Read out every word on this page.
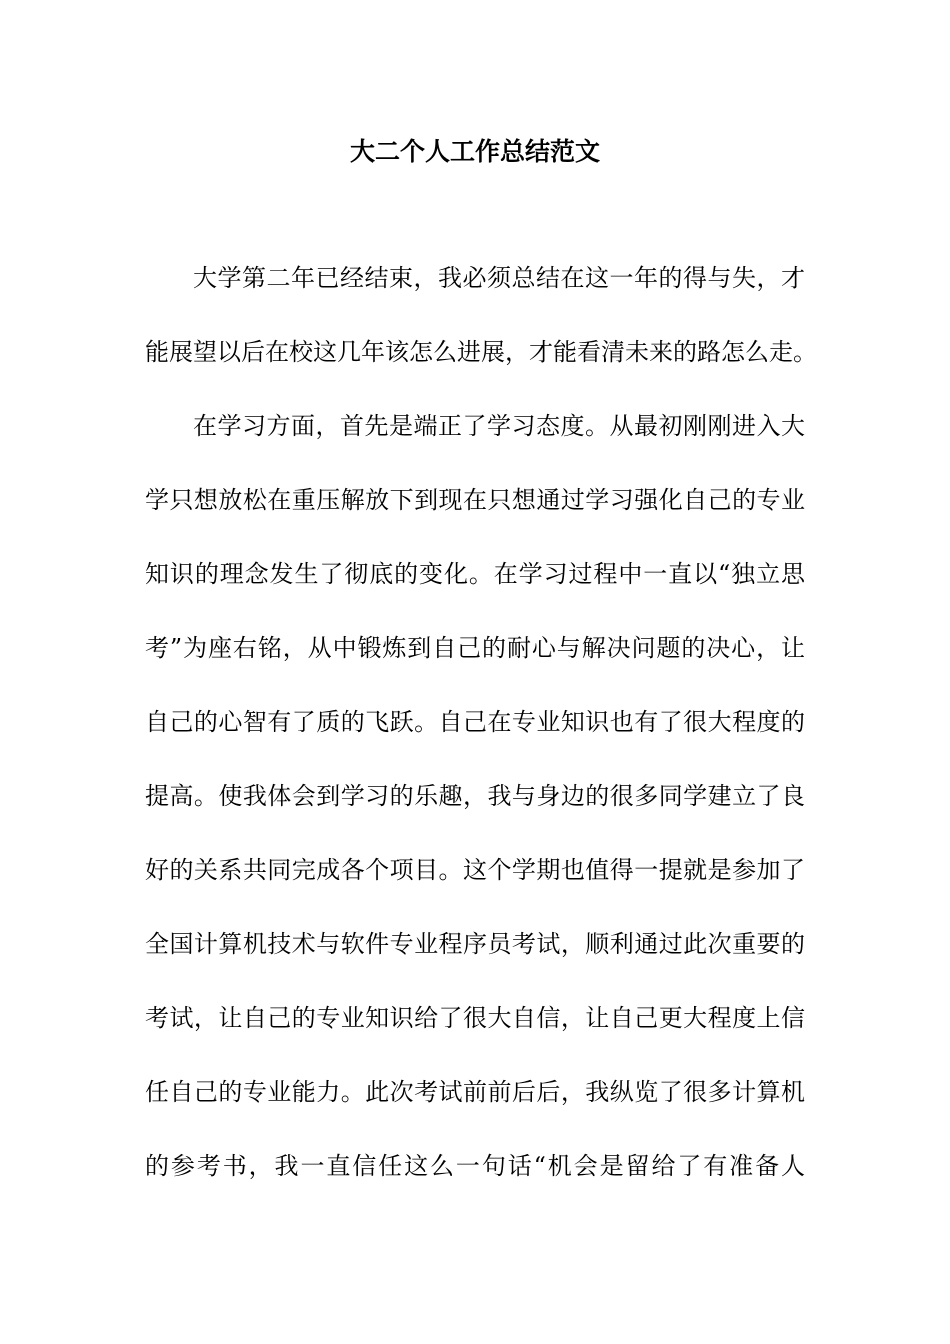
大二个人工作总结范文
大学第二年已经结束，我必须总结在这一年的得与失，才
能展望以后在校这几年该怎么进展，才能看清未来的路怎么走。
在学习方面，首先是端正了学习态度。从最初刚刚进入大
学只想放松在重压解放下到现在只想通过学习强化自己的专业
知识的理念发生了彻底的变化。在学习过程中一直以“独立思
考”为座右铭，从中锻炼到自己的耐心与解决问题的决心，让
自己的心智有了质的飞跃。自己在专业知识也有了很大程度的
提高。使我体会到学习的乐趣，我与身边的很多同学建立了良
好的关系共同完成各个项目。这个学期也值得一提就是参加了
全国计算机技术与软件专业程序员考试，顺利通过此次重要的
考试，让自己的专业知识给了很大自信，让自己更大程度上信
任自己的专业能力。此次考试前前后后，我纵览了很多计算机
的参考书，我一直信任这么一句话“机会是留给了有准备人
